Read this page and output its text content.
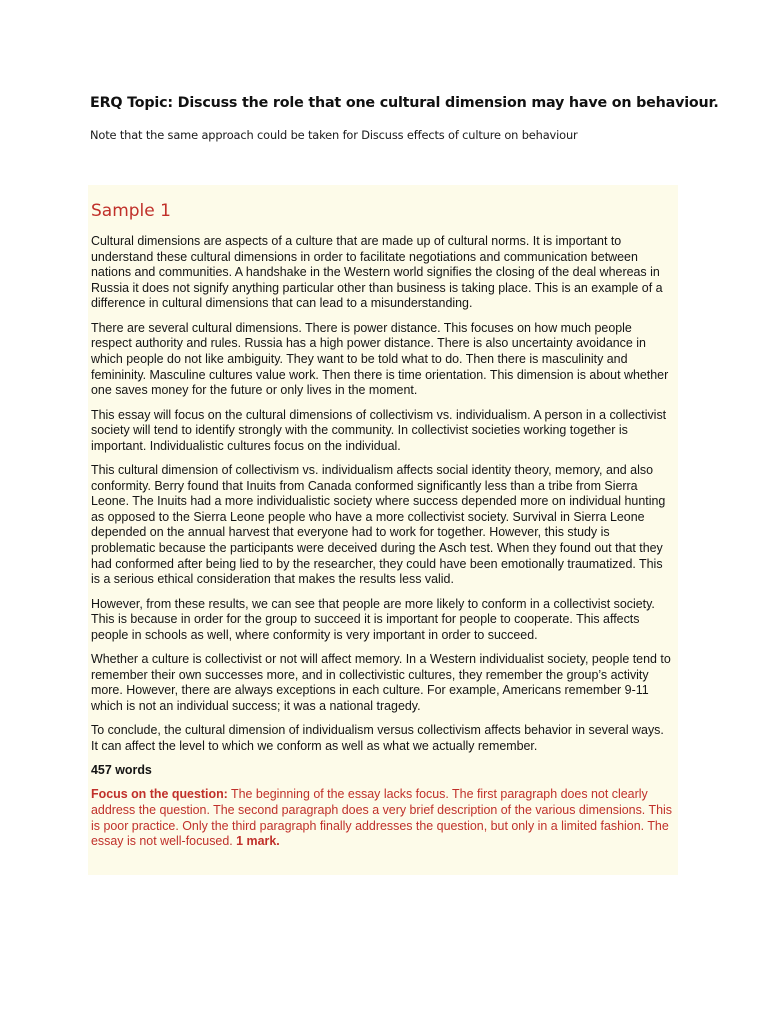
ERQ Topic: Discuss the role that one cultural dimension may have on behaviour.
Note that the same approach could be taken for Discuss effects of culture on behaviour
Sample 1

Cultural dimensions are aspects of a culture that are made up of cultural norms. It is important to understand these cultural dimensions in order to facilitate negotiations and communication between nations and communities. A handshake in the Western world signifies the closing of the deal whereas in Russia it does not signify anything particular other than business is taking place. This is an example of a difference in cultural dimensions that can lead to a misunderstanding.

There are several cultural dimensions. There is power distance. This focuses on how much people respect authority and rules. Russia has a high power distance. There is also uncertainty avoidance in which people do not like ambiguity. They want to be told what to do. Then there is masculinity and femininity. Masculine cultures value work. Then there is time orientation. This dimension is about whether one saves money for the future or only lives in the moment.

This essay will focus on the cultural dimensions of collectivism vs. individualism. A person in a collectivist society will tend to identify strongly with the community. In collectivist societies working together is important. Individualistic cultures focus on the individual.

This cultural dimension of collectivism vs. individualism affects social identity theory, memory, and also conformity. Berry found that Inuits from Canada conformed significantly less than a tribe from Sierra Leone. The Inuits had a more individualistic society where success depended more on individual hunting as opposed to the Sierra Leone people who have a more collectivist society. Survival in Sierra Leone depended on the annual harvest that everyone had to work for together. However, this study is problematic because the participants were deceived during the Asch test. When they found out that they had conformed after being lied to by the researcher, they could have been emotionally traumatized. This is a serious ethical consideration that makes the results less valid.

However, from these results, we can see that people are more likely to conform in a collectivist society. This is because in order for the group to succeed it is important for people to cooperate. This affects people in schools as well, where conformity is very important in order to succeed.

Whether a culture is collectivist or not will affect memory. In a Western individualist society, people tend to remember their own successes more, and in collectivistic cultures, they remember the group’s activity more. However, there are always exceptions in each culture. For example, Americans remember 9-11 which is not an individual success; it was a national tragedy.

To conclude, the cultural dimension of individualism versus collectivism affects behavior in several ways. It can affect the level to which we conform as well as what we actually remember.

457 words

Focus on the question: The beginning of the essay lacks focus. The first paragraph does not clearly address the question. The second paragraph does a very brief description of the various dimensions. This is poor practice. Only the third paragraph finally addresses the question, but only in a limited fashion. The essay is not well-focused. 1 mark.
